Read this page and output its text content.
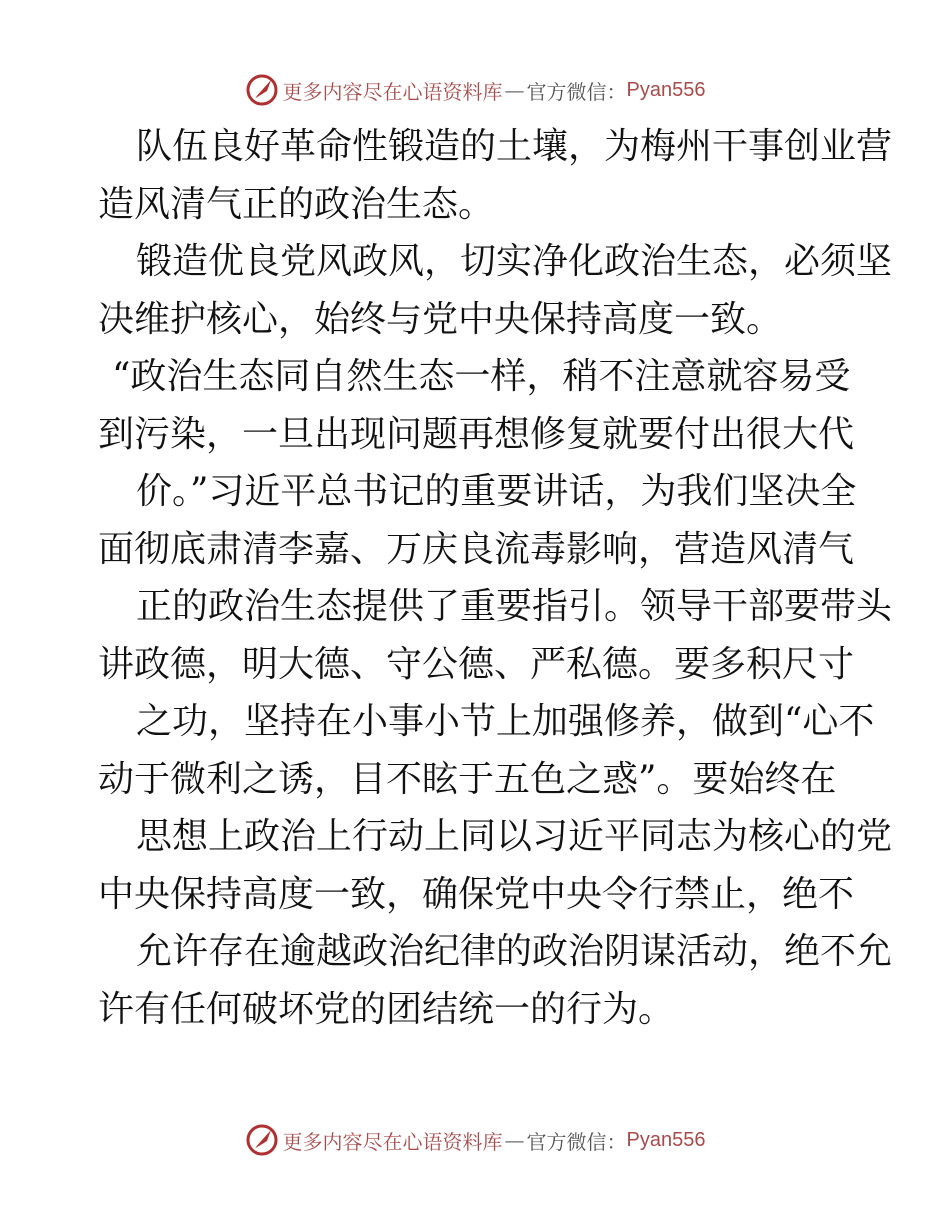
更多内容尽在心语资料库 — 官方微信： Pyan556
队伍良好革命性锻造的土壤，为梅州干事创业营
造风清气正的政治生态。
锻造优良党风政风，切实净化政治生态，必须坚
决维护核心，始终与党中央保持高度一致。
“政治生态同自然生态一样，稍不注意就容易受
到污染，一旦出现问题再想修复就要付出很大代
价。”习近平总书记的重要讲话，为我们坚决全
面彻底肃清李嘉、万庆良流毒影响，营造风清气
正的政治生态提供了重要指引。领导干部要带头
讲政德，明大德、守公德、严私德。要多积尺寸
之功，坚持在小事小节上加强修养，做到“心不
动于微利之诱，目不眩于五色之惑”。要始终在
思想上政治上行动上同以习近平同志为核心的党
中央保持高度一致，确保党中央令行禁止，绝不
允许存在逾越政治纪律的政治阴谋活动，绝不允
许有任何破坏党的团结统一的行为。
更多内容尽在心语资料库 — 官方微信： Pyan556
